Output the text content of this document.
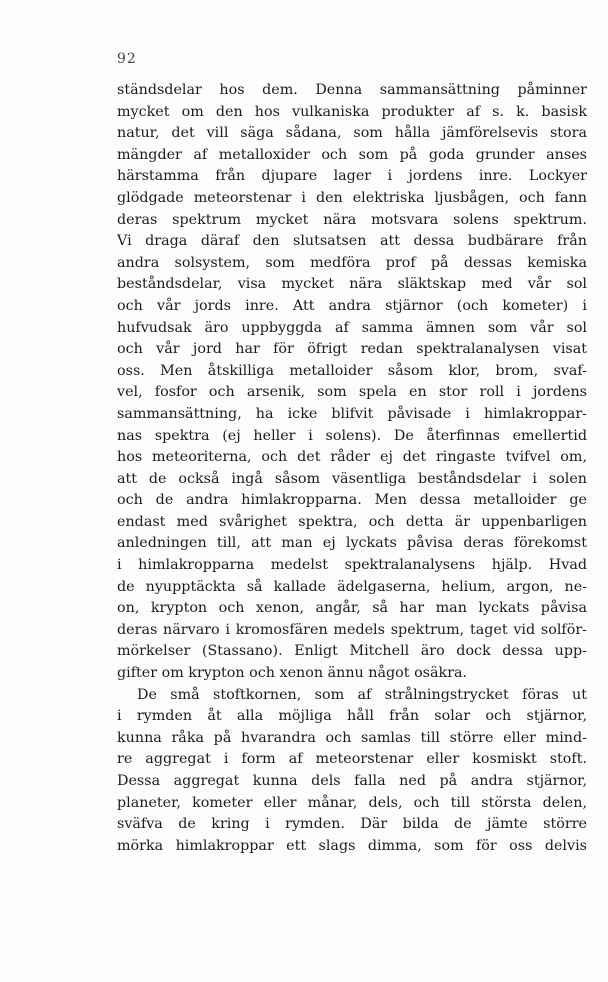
92
ständsdelar hos dem. Denna sammansättning påminner
mycket om den hos vulkaniska produkter af s. k. basisk
natur, det vill säga sådana, som hålla jämförelsevis stora
mängder af metalloxider och som på goda grunder anses
härstamma från djupare lager i jordens inre. Lockyer
glödgade meteorstenar i den elektriska ljusbågen, och fann
deras spektrum mycket nära motsvara solens spektrum.
Vi draga däraf den slutsatsen att dessa budbärare från
andra solsystem, som medföra prof på dessas kemiska
beståndsdelar, visa mycket nära släktskap med vår sol
och vår jords inre. Att andra stjärnor (och kometer) i
hufvudsak äro uppbyggda af samma ämnen som vår sol
och vår jord har för öfrigt redan spektralanalysen visat
oss. Men åtskilliga metalloider såsom klor, brom, svaf-
vel, fosfor och arsenik, som spela en stor roll i jordens
sammansättning, ha icke blifvit påvisade i himlakroppar-
nas spektra (ej heller i solens). De återfinnas emellertid
hos meteoriterna, och det råder ej det ringaste tvifvel om,
att de också ingå såsom väsentliga beståndsdelar i solen
och de andra himlakropparna. Men dessa metalloider ge
endast med svårighet spektra, och detta är uppenbarligen
anledningen till, att man ej lyckats påvisa deras förekomst
i himlakropparna medelst spektralanalysens hjälp. Hvad
de nyupptäckta så kallade ädelgaserna, helium, argon, ne-
on, krypton och xenon, angår, så har man lyckats påvisa
deras närvaro i kromosfären medels spektrum, taget vid solför-
mörkelser (Stassano). Enligt Mitchell äro dock dessa upp-
gifter om krypton och xenon ännu något osäkra.
De små stoftkornen, som af strålningstrycket föras ut
i rymden åt alla möjliga håll från solar och stjärnor,
kunna råka på hvarandra och samlas till större eller mind-
re aggregat i form af meteorstenar eller kosmiskt stoft.
Dessa aggregat kunna dels falla ned på andra stjärnor,
planeter, kometer eller månar, dels, och till största delen,
sväfva de kring i rymden. Där bilda de jämte större
mörka himlakroppar ett slags dimma, som för oss delvis
